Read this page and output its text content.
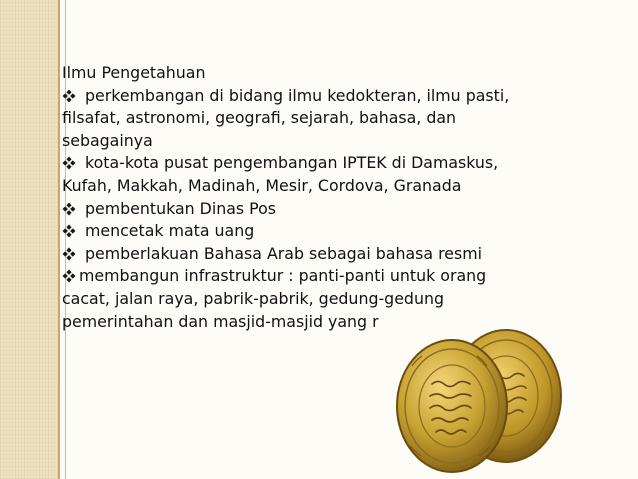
Ilmu Pengetahuan
perkembangan di bidang ilmu kedokteran, ilmu pasti,
filsafat, astronomi, geografi, sejarah, bahasa, dan
sebagainya
kota-kota pusat pengembangan IPTEK di Damaskus,
Kufah, Makkah, Madinah, Mesir, Cordova, Granada
pembentukan Dinas Pos
mencetak mata uang
pemberlakuan Bahasa Arab sebagai bahasa resmi
membangun infrastruktur : panti-panti untuk orang
cacat, jalan raya, pabrik-pabrik, gedung-gedung
pemerintahan dan masjid-masjid yang r
